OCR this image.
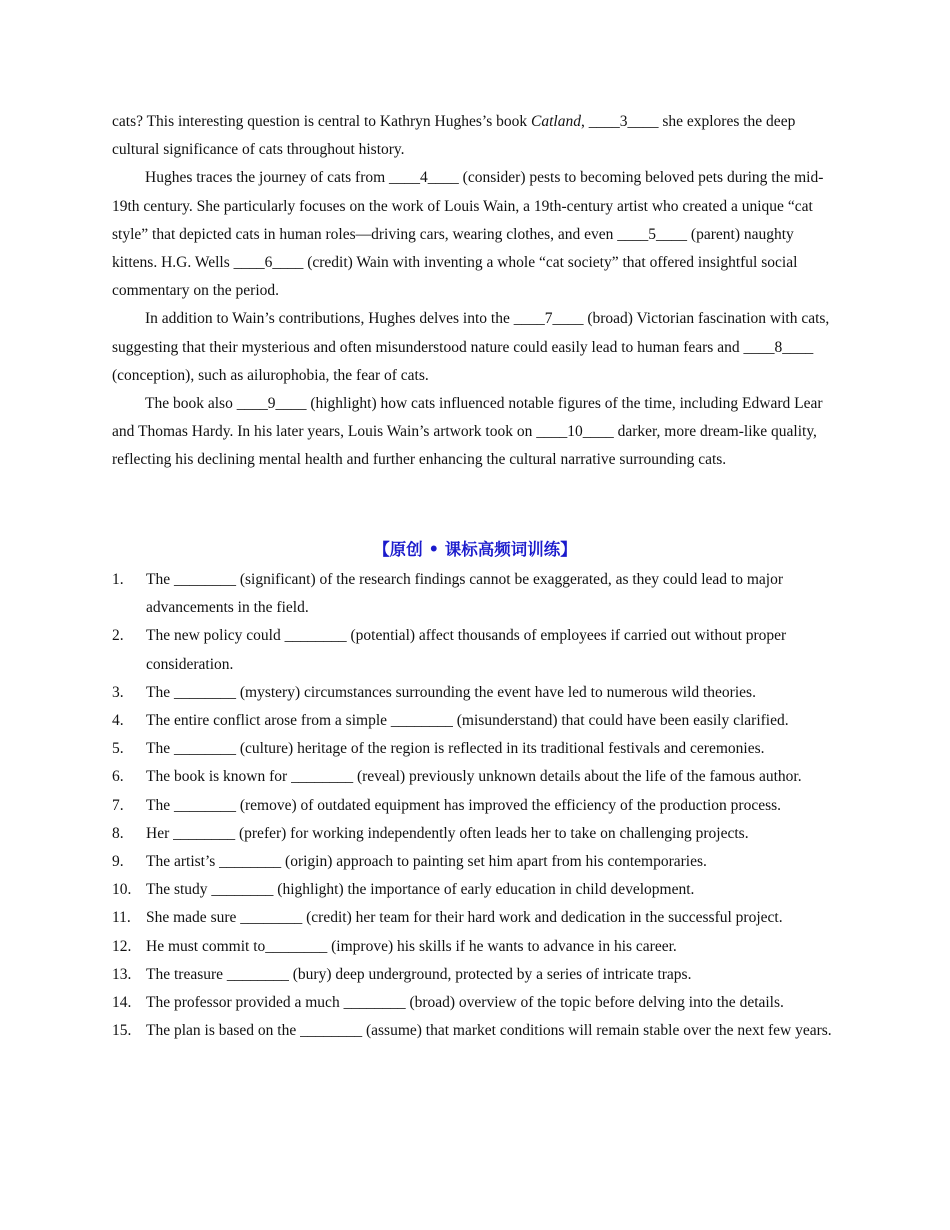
cats? This interesting question is central to Kathryn Hughes’s book Catland, ____3____ she explores the deep cultural significance of cats throughout history.

Hughes traces the journey of cats from ____4____ (consider) pests to becoming beloved pets during the mid-19th century. She particularly focuses on the work of Louis Wain, a 19th-century artist who created a unique “cat style” that depicted cats in human roles—driving cars, wearing clothes, and even ____5____ (parent) naughty kittens. H.G. Wells ____6____ (credit) Wain with inventing a whole “cat society” that offered insightful social commentary on the period.

In addition to Wain’s contributions, Hughes delves into the ____7____ (broad) Victorian fascination with cats, suggesting that their mysterious and often misunderstood nature could easily lead to human fears and ____8____ (conception), such as ailurophobia, the fear of cats.

The book also ____9____ (highlight) how cats influenced notable figures of the time, including Edward Lear and Thomas Hardy. In his later years, Louis Wain’s artwork took on ____10____ darker, more dream-like quality, reflecting his declining mental health and further enhancing the cultural narrative surrounding cats.

【原创 • 课标高频词训练】
1.	The ________ (significant) of the research findings cannot be exaggerated, as they could lead to major advancements in the field.
2.	The new policy could ________ (potential) affect thousands of employees if carried out without proper consideration.
3.	The ________ (mystery) circumstances surrounding the event have led to numerous wild theories.
4.	The entire conflict arose from a simple ________ (misunderstand) that could have been easily clarified.
5.	The ________ (culture) heritage of the region is reflected in its traditional festivals and ceremonies.
6.	The book is known for ________ (reveal) previously unknown details about the life of the famous author.
7.	The ________ (remove) of outdated equipment has improved the efficiency of the production process.
8.	Her ________ (prefer) for working independently often leads her to take on challenging projects.
9.	The artist’s ________ (origin) approach to painting set him apart from his contemporaries.
10. The study ________ (highlight) the importance of early education in child development.
11. She made sure ________ (credit) her team for their hard work and dedication in the successful project.
12. He must commit to________ (improve) his skills if he wants to advance in his career.
13. The treasure ________ (bury) deep underground, protected by a series of intricate traps.
14. The professor provided a much ________ (broad) overview of the topic before delving into the details.
15. The plan is based on the ________ (assume) that market conditions will remain stable over the next few years.
